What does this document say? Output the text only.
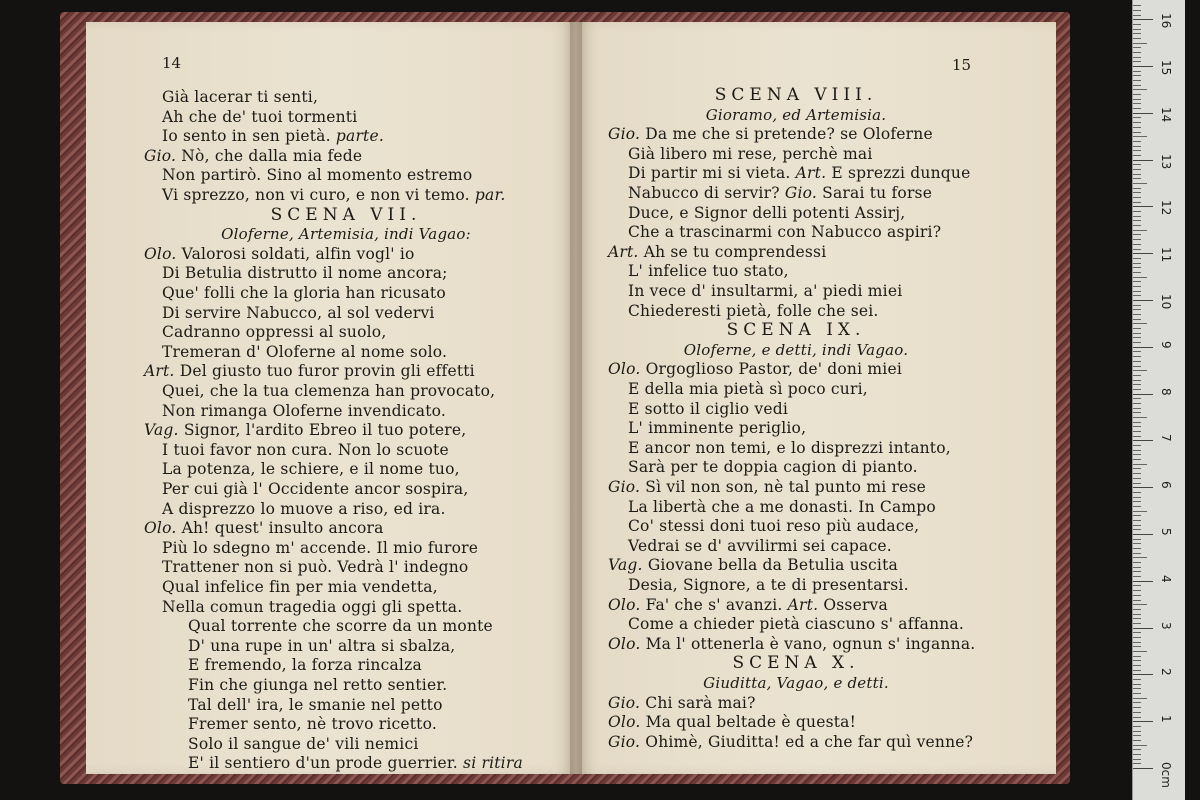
14
Già lacerar ti senti,
Ah che de' tuoi tormenti
Io sento in sen pietà. parte.
Gio. Nò, che dalla mia fede
Non partirò. Sino al momento estremo
Vi sprezzo, non vi curo, e non vi temo. par.
SCENA VII.
Oloferne, Artemisia, indi Vagao:
Olo. Valorosi soldati, alfin vogl' io
Di Betulia distrutto il nome ancora;
Que' folli che la gloria han ricusato
Di servire Nabucco, al sol vedervi
Cadranno oppressi al suolo,
Tremeran d' Oloferne al nome solo.
Art. Del giusto tuo furor provin gli effetti
Quei, che la tua clemenza han provocato,
Non rimanga Oloferne invendicato.
Vag. Signor, l'ardito Ebreo il tuo potere,
I tuoi favor non cura. Non lo scuote
La potenza, le schiere, e il nome tuo,
Per cui già l' Occidente ancor sospira,
A disprezzo lo muove a riso, ed ira.
Olo. Ah! quest' insulto ancora
Più lo sdegno m' accende. Il mio furore
Trattener non si può. Vedrà l' indegno
Qual infelice fin per mia vendetta,
Nella comun tragedia oggi gli spetta.
Qual torrente che scorre da un monte
D' una rupe in un' altra si sbalza,
E fremendo, la forza rincalza
Fin che giunga nel retto sentier.
Tal dell' ira, le smanie nel petto
Fremer sento, nè trovo ricetto.
Solo il sangue de' vili nemici
E' il sentiero d'un prode guerrier. si ritira
15
SCENA VIII.
Gioramo, ed Artemisia.
Gio. Da me che si pretende? se Oloferne
Già libero mi rese, perchè mai
Di partir mi si vieta. Art. E sprezzi dunque
Nabucco di servir? Gio. Sarai tu forse
Duce, e Signor delli potenti Assirj,
Che a trascinarmi con Nabucco aspiri?
Art. Ah se tu comprendessi
L' infelice tuo stato,
In vece d' insultarmi, a' piedi miei
Chiederesti pietà, folle che sei.
SCENA IX.
Oloferne, e detti, indi Vagao.
Olo. Orgoglioso Pastor, de' doni miei
E della mia pietà sì poco curi,
E sotto il ciglio vedi
L' imminente periglio,
E ancor non temi, e lo disprezzi intanto,
Sarà per te doppia cagion di pianto.
Gio. Sì vil non son, nè tal punto mi rese
La libertà che a me donasti. In Campo
Co' stessi doni tuoi reso più audace,
Vedrai se d' avvilirmi sei capace.
Vag. Giovane bella da Betulia uscita
Desia, Signore, a te di presentarsi.
Olo. Fa' che s' avanzi. Art. Osserva
Come a chieder pietà ciascuno s' affanna.
Olo. Ma l' ottenerla è vano, ognun s' inganna.
SCENA X.
Giuditta, Vagao, e detti.
Gio. Chi sarà mai?
Olo. Ma qual beltade è questa!
Gio. Ohimè, Giuditta! ed a che far quì venne?
0cm
1
2
3
4
5
6
7
8
9
10
11
12
13
14
15
16
